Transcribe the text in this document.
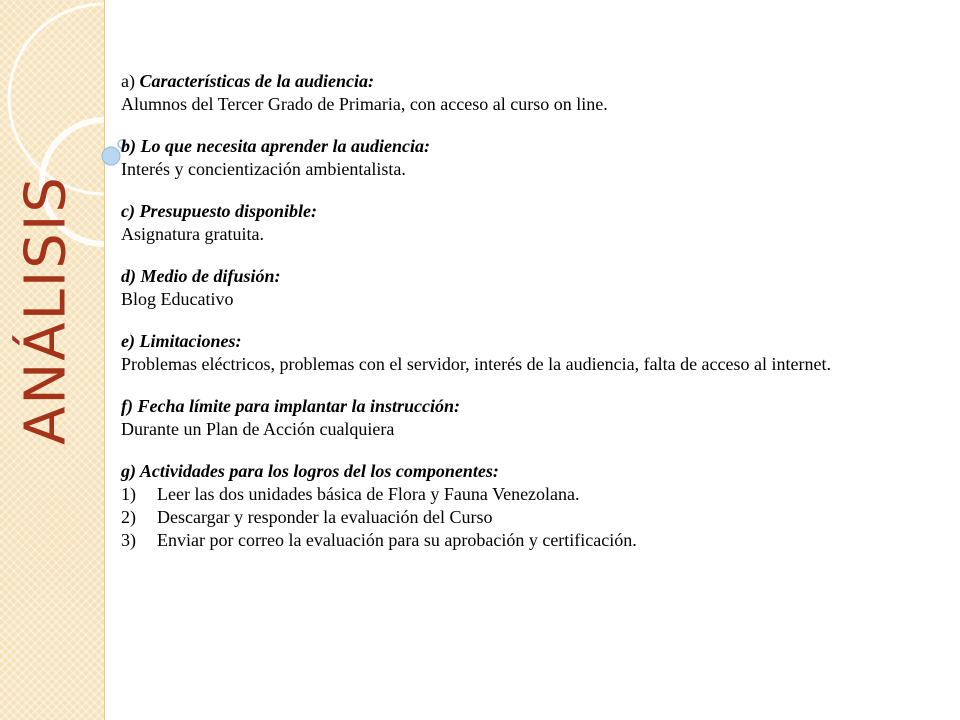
ANÁLISIS
a) Características de la audiencia:
Alumnos del Tercer Grado de Primaria, con acceso al curso on line.
b) Lo que necesita aprender la audiencia:
Interés y concientización ambientalista.
c) Presupuesto disponible:
Asignatura gratuita.
d) Medio de difusión:
Blog Educativo
e) Limitaciones:
Problemas eléctricos, problemas con el servidor, interés de la audiencia, falta de acceso al internet.
f) Fecha límite para implantar la instrucción:
Durante un Plan de Acción cualquiera
g) Actividades para los logros del los componentes:
1)	Leer las dos unidades básica de Flora y Fauna Venezolana.
2)	Descargar y responder la evaluación del Curso
3)	Enviar por correo la evaluación para su aprobación y certificación.
